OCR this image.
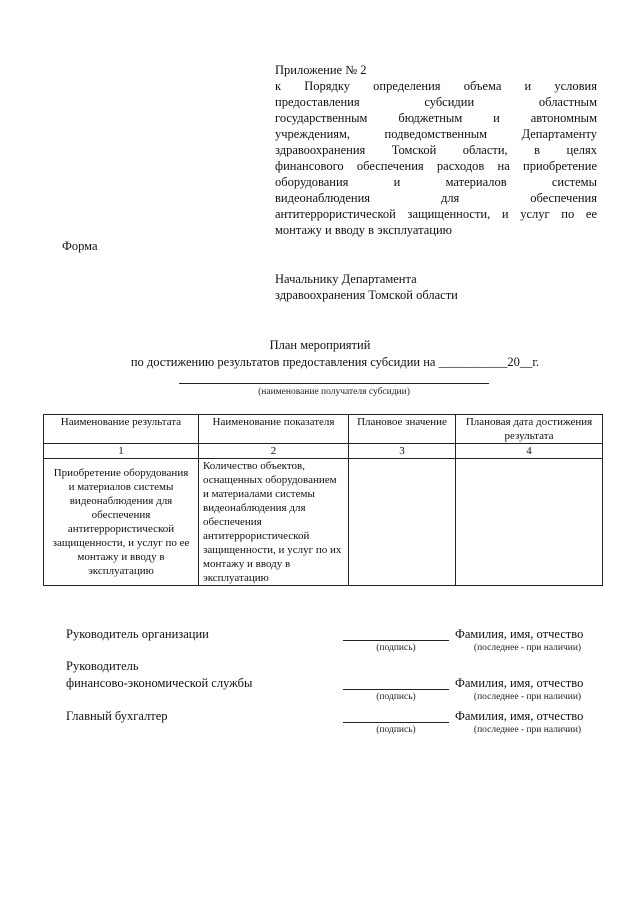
Приложение № 2
к Порядку определения объема и условия
предоставления субсидии областным
государственным бюджетным и автономным
учреждениям, подведомственным Департаменту
здравоохранения Томской области, в целях
финансового обеспечения расходов на приобретение
оборудования и материалов системы
видеонаблюдения для обеспечения
антитеррористической защищенности, и услуг по ее
монтажу и вводу в эксплуатацию
Форма
Начальнику Департамента
здравоохранения Томской области
План мероприятий
по достижению результатов предоставления субсидии на ___________20__г.
(наименование получателя субсидии)
Наименование результата	Наименование показателя	Плановое значение	Плановая дата достижения результата
1	2	3	4
Приобретение оборудования и материалов системы видеонаблюдения для обеспечения антитеррористической защищенности, и услуг по ее монтажу и вводу в эксплуатацию	Количество объектов, оснащенных оборудованием и материалами системы видеонаблюдения для обеспечения антитеррористической защищенности, и услуг по их монтажу и вводу в эксплуатацию		
Руководитель организации
(подпись)
Фамилия, имя, отчество
(последнее - при наличии)
Руководитель
финансово-экономической службы
(подпись)
Фамилия, имя, отчество
(последнее - при наличии)
Главный бухгалтер
(подпись)
Фамилия, имя, отчество
(последнее - при наличии)
